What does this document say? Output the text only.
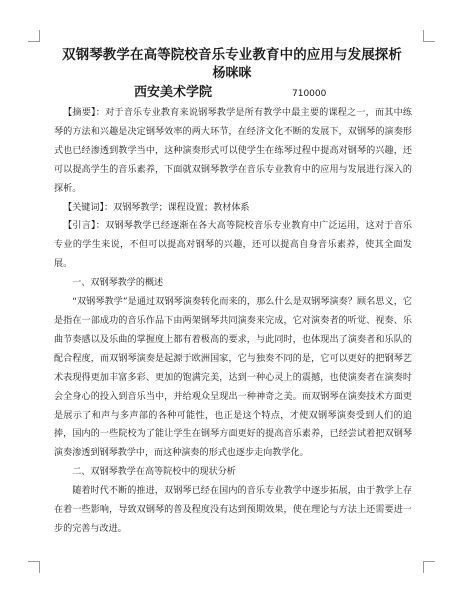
双钢琴教学在高等院校音乐专业教育中的应用与发展探析
杨咪咪
西安美术学院	710000

【摘要】：对于音乐专业教育来说钢琴教学是所有教学中最主要的课程之一，而其中练琴的方法和兴趣是决定钢琴效率的两大环节，在经济文化不断的发展下，双钢琴的演奏形式也已经渗透到教学当中，这种演奏形式可以使学生在练琴过程中提高对钢琴的兴趣，还可以提高学生的音乐素养，下面就双钢琴教学在音乐专业教育中的应用与发展进行深入的探析。

【关键词】：双钢琴教学；课程设置；教材体系

【引言】：双钢琴教学已经逐渐在各大高等院校音乐专业教育中广泛运用，这对于音乐专业的学生来说，不但可以提高对钢琴的兴趣，还可以提高自身音乐素养，使其全面发展。

一、双钢琴教学的概述

“双钢琴教学”是通过双钢琴演奏转化而来的，那么什么是双钢琴演奏？顾名思义，它是指在一部成功的音乐作品下由两架钢琴共同演奏来完成，它对演奏者的听觉、视奏、乐曲节奏感以及乐曲的掌握度上都有着极高的要求，与此同时，也体现出了演奏者和乐队的配合程度，而双钢琴演奏是起源于欧洲国家，它与独奏不同的是，它可以更好的把钢琴艺术表现得更加丰富多彩、更加的饱满完美，达到一种心灵上的震撼，也使演奏者在演奏时会全身心的投入到音乐当中，并给观众呈现出一种神奇之美。而双钢琴在演奏技术方面更是展示了和声与多声部的各种可能性，也正是这个特点，才使双钢琴演奏受到人们的追捧，国内的一些院校为了能让学生在钢琴方面更好的提高音乐素养，已经尝试着把双钢琴演奏渗透到钢琴教学中，而这种演奏的形式也逐步走向教学化。

二、双钢琴教学在高等院校中的现状分析

随着时代不断的推进，双钢琴已经在国内的音乐专业教学中逐步拓展，由于教学上存在着一些影响，导致双钢琴的普及程度没有达到预期效果，使在理论与方法上还需要进一步的完善与改进。
